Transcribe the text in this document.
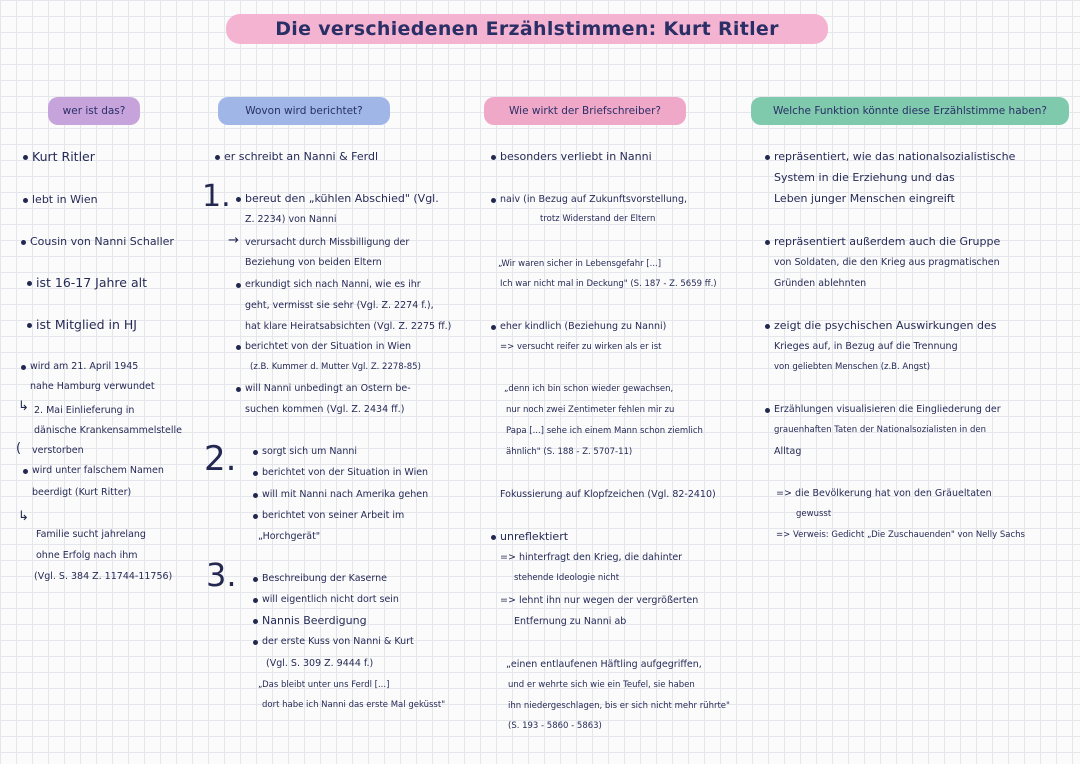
Die verschiedenen Erzählstimmen: Kurt Ritler
wer ist das?	Wovon wird berichtet?	Wie wirkt der Briefschreiber?	Welche Funktion könnte diese Erzählstimme haben?
Kurt Ritler
lebt in Wien
Cousin von Nanni Schaller
ist 16-17 Jahre alt
ist Mitglied in HJ
wird am 21. April 1945
nahe Hamburg verwundet
↳ 2. Mai Einlieferung in
dänische Krankensammelstelle
( verstorben
wird unter falschem Namen
beerdigt (Kurt Ritter)
↳
Familie sucht jahrelang
ohne Erfolg nach ihm
(Vgl. S. 384 Z. 11744-11756)
er schreibt an Nanni & Ferdl
1. bereut den „kühlen Abschied" (Vgl.
Z. 2234) von Nanni
→ verursacht durch Missbilligung der
Beziehung von beiden Eltern
erkundigt sich nach Nanni, wie es ihr
geht, vermisst sie sehr (Vgl. Z. 2274 f.),
hat klare Heiratsabsichten (Vgl. Z. 2275 ff.)
berichtet von der Situation in Wien
(z.B. Kummer d. Mutter Vgl. Z. 2278-85)
will Nanni unbedingt an Ostern be-
suchen kommen (Vgl. Z. 2434 ff.)
2.	sorgt sich um Nanni
berichtet von der Situation in Wien
will mit Nanni nach Amerika gehen
berichtet von seiner Arbeit im
„Horchgerät"
3.	Beschreibung der Kaserne
will eigentlich nicht dort sein
Nannis Beerdigung
der erste Kuss von Nanni & Kurt
(Vgl. S. 309 Z. 9444 f.)
„Das bleibt unter uns Ferdl [...]
dort habe ich Nanni das erste Mal geküsst"
besonders verliebt in Nanni
naiv (in Bezug auf Zukunftsvorstellung,
trotz Widerstand der Eltern
„Wir waren sicher in Lebensgefahr [...]
Ich war nicht mal in Deckung" (S. 187 - Z. 5659 ff.)
eher kindlich (Beziehung zu Nanni)
=> versucht reifer zu wirken als er ist
„denn ich bin schon wieder gewachsen,
nur noch zwei Zentimeter fehlen mir zu
Papa [...] sehe ich einem Mann schon ziemlich
ähnlich" (S. 188 - Z. 5707-11)
Fokussierung auf Klopfzeichen (Vgl. 82-2410)
unreflektiert
=> hinterfragt den Krieg, die dahinter
stehende Ideologie nicht
=> lehnt ihn nur wegen der vergrößerten
Entfernung zu Nanni ab
„einen entlaufenen Häftling aufgegriffen,
und er wehrte sich wie ein Teufel, sie haben
ihn niedergeschlagen, bis er sich nicht mehr rührte"
(S. 193 - 5860 - 5863)
repräsentiert, wie das nationalsozialistische
System in die Erziehung und das
Leben junger Menschen eingreift
repräsentiert außerdem auch die Gruppe
von Soldaten, die den Krieg aus pragmatischen
Gründen ablehnten
zeigt die psychischen Auswirkungen des
Krieges auf, in Bezug auf die Trennung
von geliebten Menschen (z.B. Angst)
Erzählungen visualisieren die Eingliederung der
grauenhaften Taten der Nationalsozialisten in den
Alltag
=> die Bevölkerung hat von den Gräueltaten
gewusst
=> Verweis: Gedicht „Die Zuschauenden" von Nelly Sachs
